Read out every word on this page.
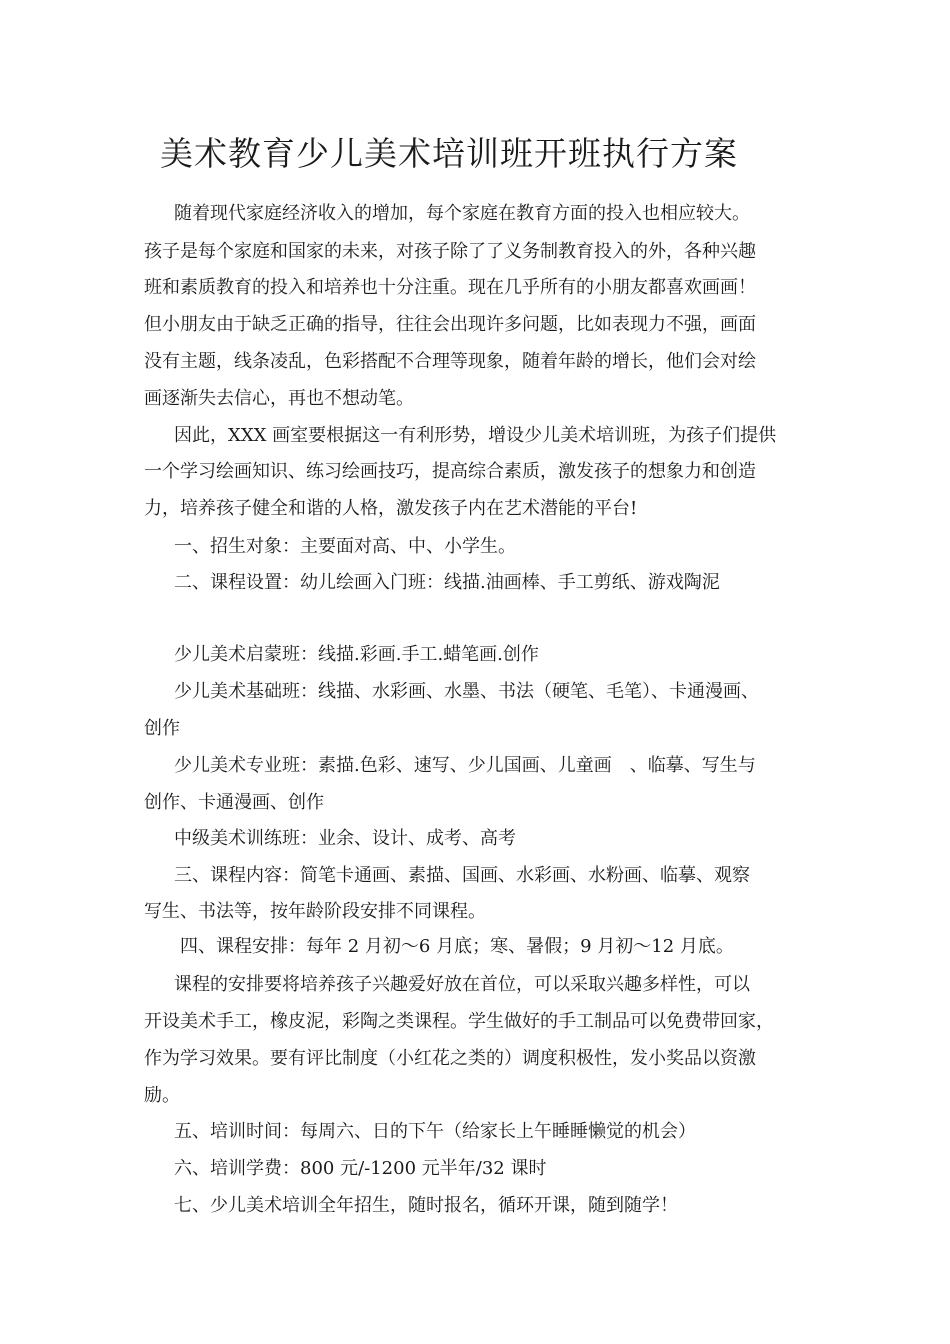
美术教育少儿美术培训班开班执行方案
随着现代家庭经济收入的增加，每个家庭在教育方面的投入也相应较大。
孩子是每个家庭和国家的未来，对孩子除了了义务制教育投入的外，各种兴趣
班和素质教育的投入和培养也十分注重。现在几乎所有的小朋友都喜欢画画！
但小朋友由于缺乏正确的指导，往往会出现许多问题，比如表现力不强，画面
没有主题，线条凌乱，色彩搭配不合理等现象，随着年龄的增长，他们会对绘
画逐渐失去信心，再也不想动笔。
因此，XXX 画室要根据这一有利形势，增设少儿美术培训班，为孩子们提供
一个学习绘画知识、练习绘画技巧，提高综合素质，激发孩子的想象力和创造
力，培养孩子健全和谐的人格，激发孩子内在艺术潜能的平台!
一、招生对象：主要面对高、中、小学生。
二、课程设置：幼儿绘画入门班：线描.油画棒、手工剪纸、游戏陶泥
少儿美术启蒙班：线描.彩画.手工.蜡笔画.创作
少儿美术基础班：线描、水彩画、水墨、书法（硬笔、毛笔）、卡通漫画、
创作
少儿美术专业班：素描.色彩、速写、少儿国画、儿童画　、临摹、写生与
创作、卡通漫画、创作
中级美术训练班：业余、设计、成考、高考
三、课程内容：简笔卡通画、素描、国画、水彩画、水粉画、临摹、观察
写生、书法等，按年龄阶段安排不同课程。
四、课程安排：每年 2 月初～6 月底；寒、暑假；9 月初～12 月底。
课程的安排要将培养孩子兴趣爱好放在首位，可以采取兴趣多样性，可以
开设美术手工，橡皮泥，彩陶之类课程。学生做好的手工制品可以免费带回家，
作为学习效果。要有评比制度（小红花之类的）调度积极性，发小奖品以资激
励。
五、培训时间：每周六、日的下午（给家长上午睡睡懒觉的机会）
六、培训学费：800 元/-1200 元半年/32 课时
七、少儿美术培训全年招生，随时报名，循环开课，随到随学！
